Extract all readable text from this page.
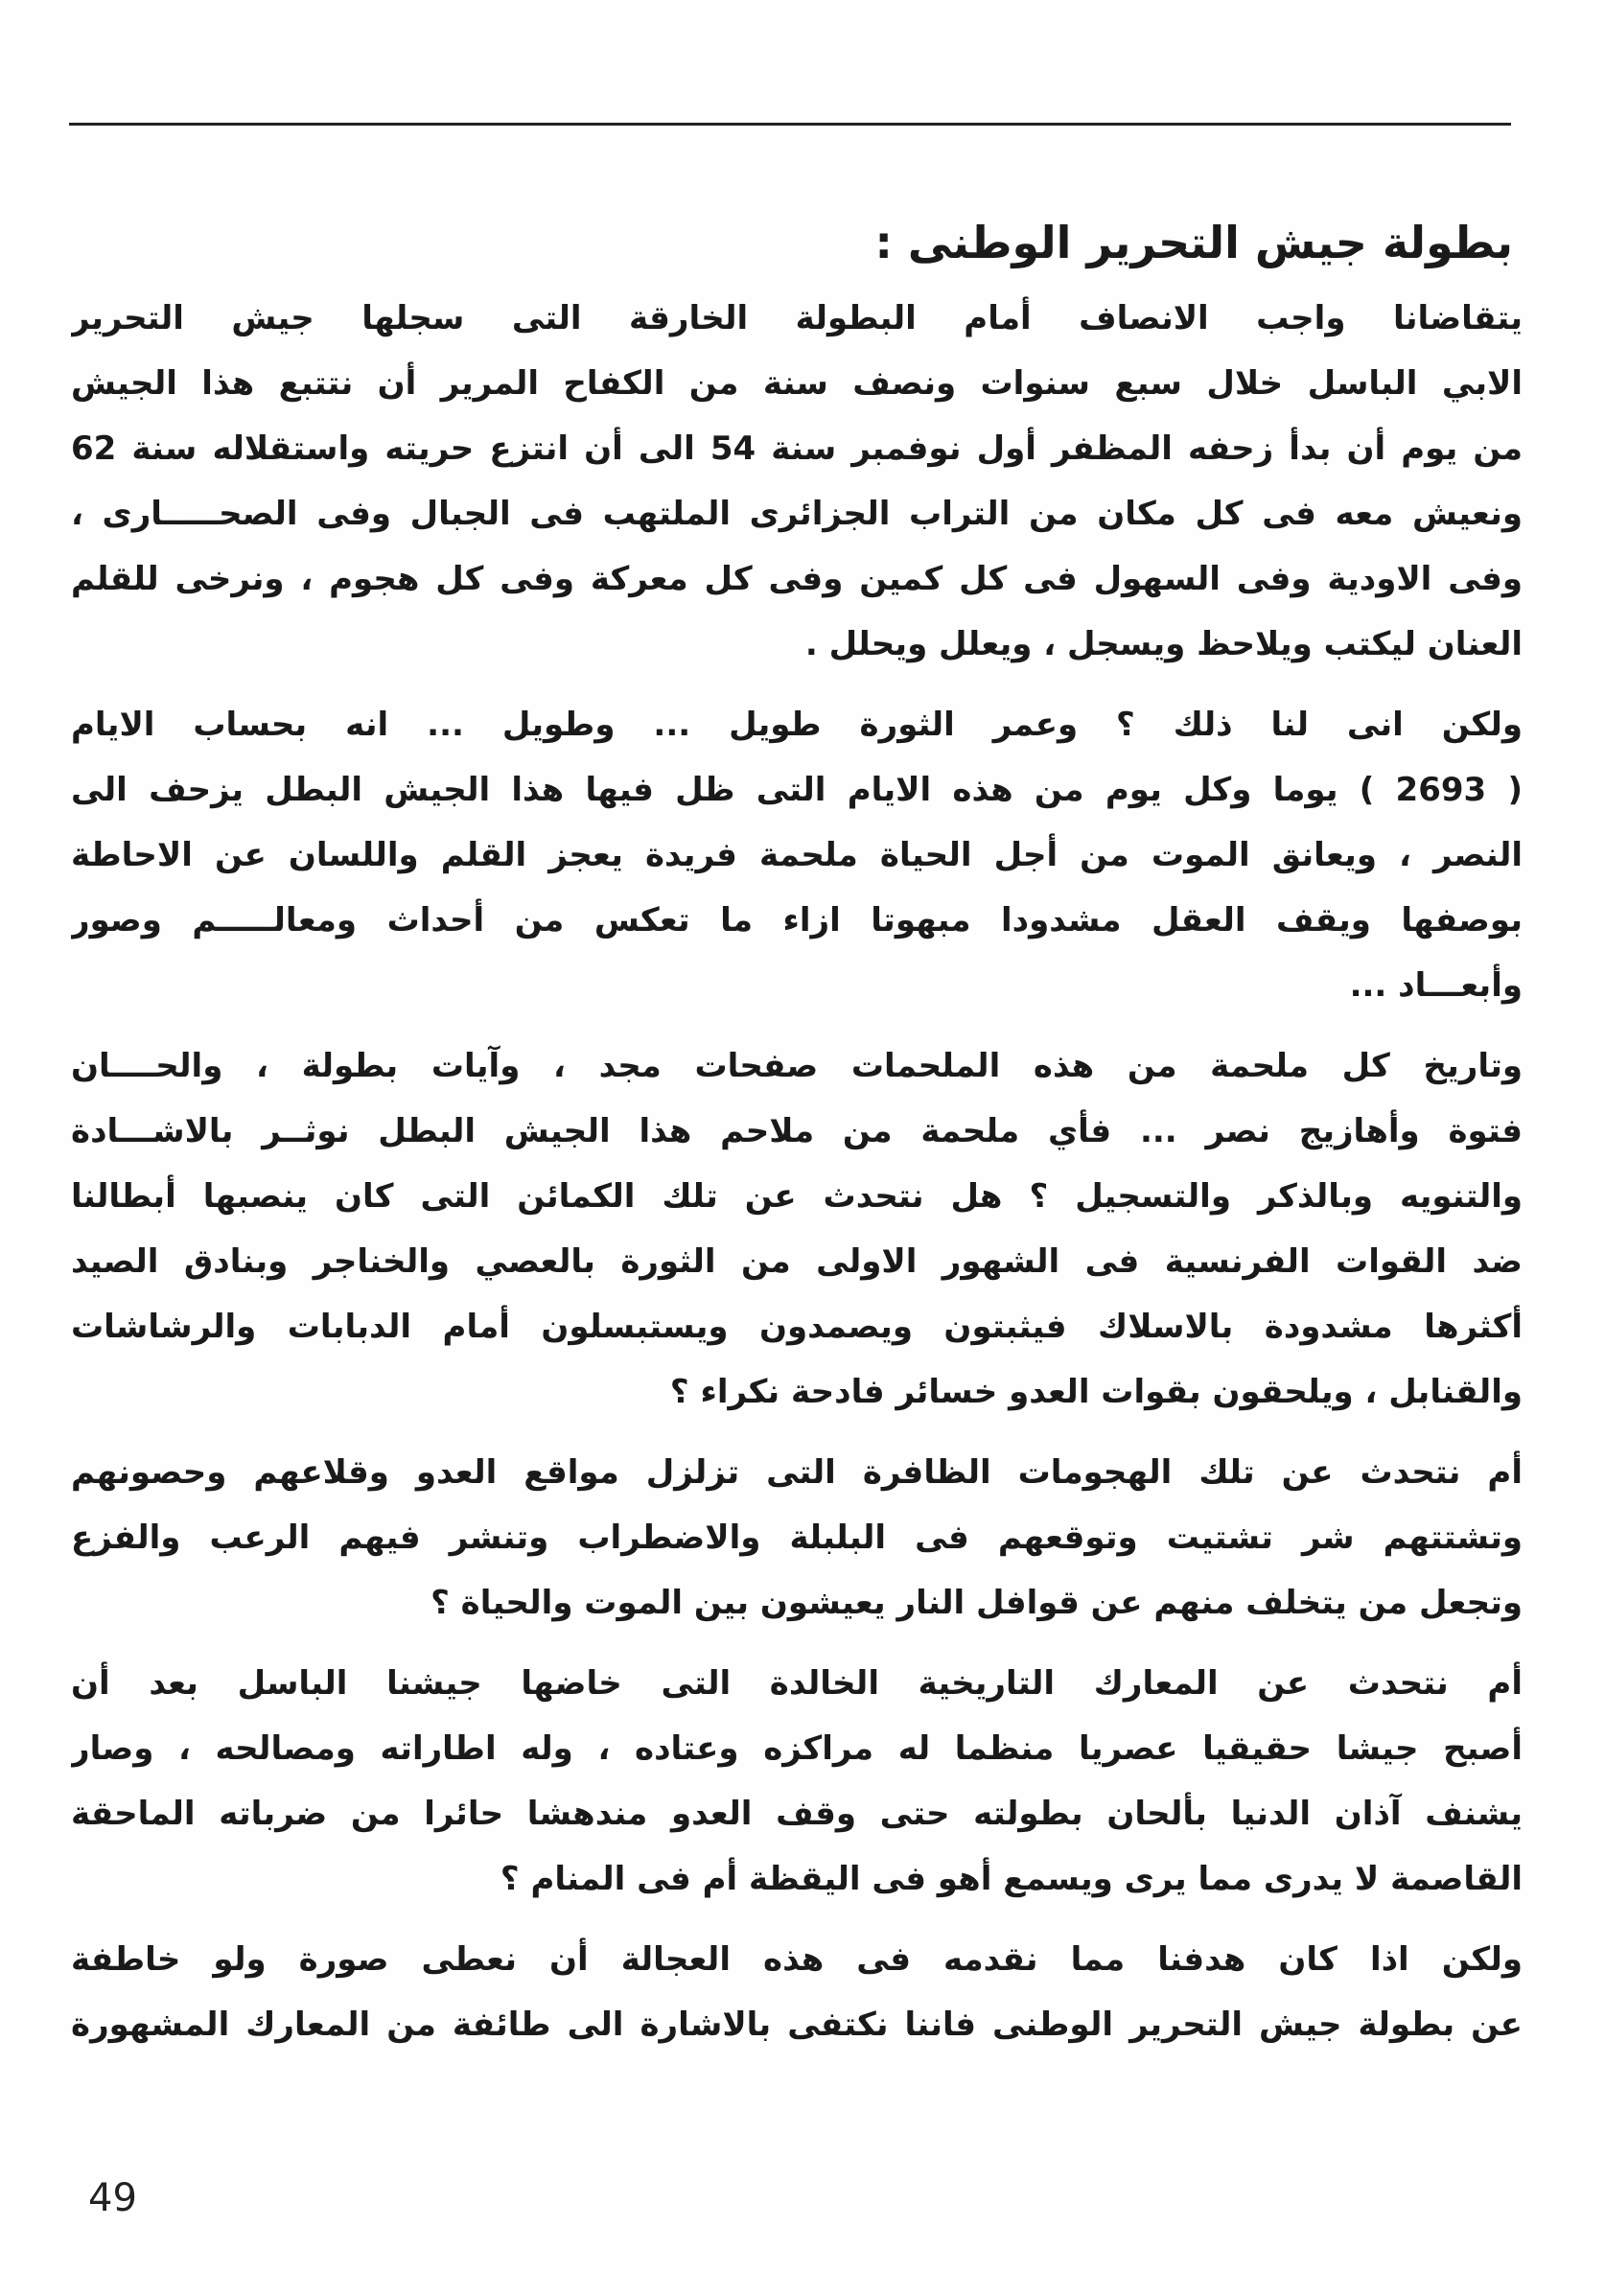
بطولة جيش التحرير الوطنى :
يتقاضانا واجب الانصاف أمام البطولة الخارقة التى سجلها جيش التحرير
الابي الباسل خلال سبع سنوات ونصف سنة من الكفاح المرير أن نتتبع هذا الجيش
من يوم أن بدأ زحفه المظفر أول نوفمبر سنة 54 الى أن انتزع حريته واستقلاله سنة 62
ونعيش معه فى كل مكان من التراب الجزائرى الملتهب فى الجبال وفى الصحـــــارى ،
وفى الاودية وفى السهول فى كل كمين وفى كل معركة وفى كل هجوم ، ونرخى للقلم
العنان ليكتب ويلاحظ ويسجل ، ويعلل ويحلل .
ولكن انى لنا ذلك ؟ وعمر الثورة طويل ... وطويل ... انه بحساب الايام
( 2693 ) يوما وكل يوم من هذه الايام التى ظل فيها هذا الجيش البطل يزحف الى
النصر ، ويعانق الموت من أجل الحياة ملحمة فريدة يعجز القلم واللسان عن الاحاطة
بوصفها ويقف العقل مشدودا مبهوتا ازاء ما تعكس من أحداث ومعالـــــم وصور
وأبعـــاد ...
وتاريخ كل ملحمة من هذه الملحمات صفحات مجد ، وآيات بطولة ، والحــــان
فتوة وأهازيج نصر ... فأي ملحمة من ملاحم هذا الجيش البطل نوثــر بالاشـــادة
والتنويه وبالذكر والتسجيل ؟ هل نتحدث عن تلك الكمائن التى كان ينصبها أبطالنا
ضد القوات الفرنسية فى الشهور الاولى من الثورة بالعصي والخناجر وبنادق الصيد
أكثرها مشدودة بالاسلاك فيثبتون ويصمدون ويستبسلون أمام الدبابات والرشاشات
والقنابل ، ويلحقون بقوات العدو خسائر فادحة نكراء ؟
أم نتحدث عن تلك الهجومات الظافرة التى تزلزل مواقع العدو وقلاعهم وحصونهم
وتشتتهم شر تشتيت وتوقعهم فى البلبلة والاضطراب وتنشر فيهم الرعب والفزع
وتجعل من يتخلف منهم عن قوافل النار يعيشون بين الموت والحياة ؟
أم نتحدث عن المعارك التاريخية الخالدة التى خاضها جيشنا الباسل بعد أن
أصبح جيشا حقيقيا عصريا منظما له مراكزه وعتاده ، وله اطاراته ومصالحه ، وصار
يشنف آذان الدنيا بألحان بطولته حتى وقف العدو مندهشا حائرا من ضرباته الماحقة
القاصمة لا يدرى مما يرى ويسمع أهو فى اليقظة أم فى المنام ؟
ولكن اذا كان هدفنا مما نقدمه فى هذه العجالة أن نعطى صورة ولو خاطفة
عن بطولة جيش التحرير الوطنى فاننا نكتفى بالاشارة الى طائفة من المعارك المشهورة
49
